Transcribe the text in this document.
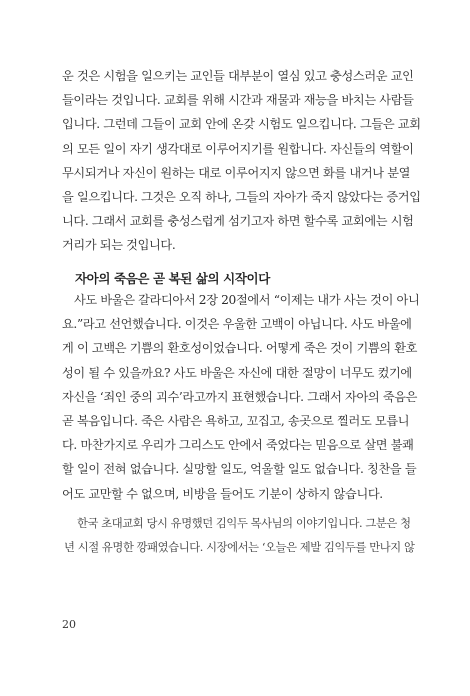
운 것은 시험을 일으키는 교인들 대부분이 열심 있고 충성스러운 교인
들이라는 것입니다. 교회를 위해 시간과 재물과 재능을 바치는 사람들
입니다. 그런데 그들이 교회 안에 온갖 시험도 일으킵니다. 그들은 교회
의 모든 일이 자기 생각대로 이루어지기를 원합니다. 자신들의 역할이
무시되거나 자신이 원하는 대로 이루어지지 않으면 화를 내거나 분열
을 일으킵니다. 그것은 오직 하나, 그들의 자아가 죽지 않았다는 증거입
니다. 그래서 교회를 충성스럽게 섬기고자 하면 할수록 교회에는 시험
거리가 되는 것입니다.
자아의 죽음은 곧 복된 삶의 시작이다
사도 바울은 갈라디아서 2장 20절에서 “이제는 내가 사는 것이 아니
요.”라고 선언했습니다. 이것은 우울한 고백이 아닙니다. 사도 바울에
게 이 고백은 기쁨의 환호성이었습니다. 어떻게 죽은 것이 기쁨의 환호
성이 될 수 있을까요? 사도 바울은 자신에 대한 절망이 너무도 컸기에
자신을 ‘죄인 중의 괴수’라고까지 표현했습니다. 그래서 자아의 죽음은
곧 복음입니다. 죽은 사람은 욕하고, 꼬집고, 송곳으로 찔러도 모릅니
다. 마찬가지로 우리가 그리스도 안에서 죽었다는 믿음으로 살면 불쾌
할 일이 전혀 없습니다. 실망할 일도, 억울할 일도 없습니다. 칭찬을 들
어도 교만할 수 없으며, 비방을 들어도 기분이 상하지 않습니다.
한국 초대교회 당시 유명했던 김익두 목사님의 이야기입니다. 그분은 청
년 시절 유명한 깡패였습니다. 시장에서는 ‘오늘은 제발 김익두를 만나지 않

20
